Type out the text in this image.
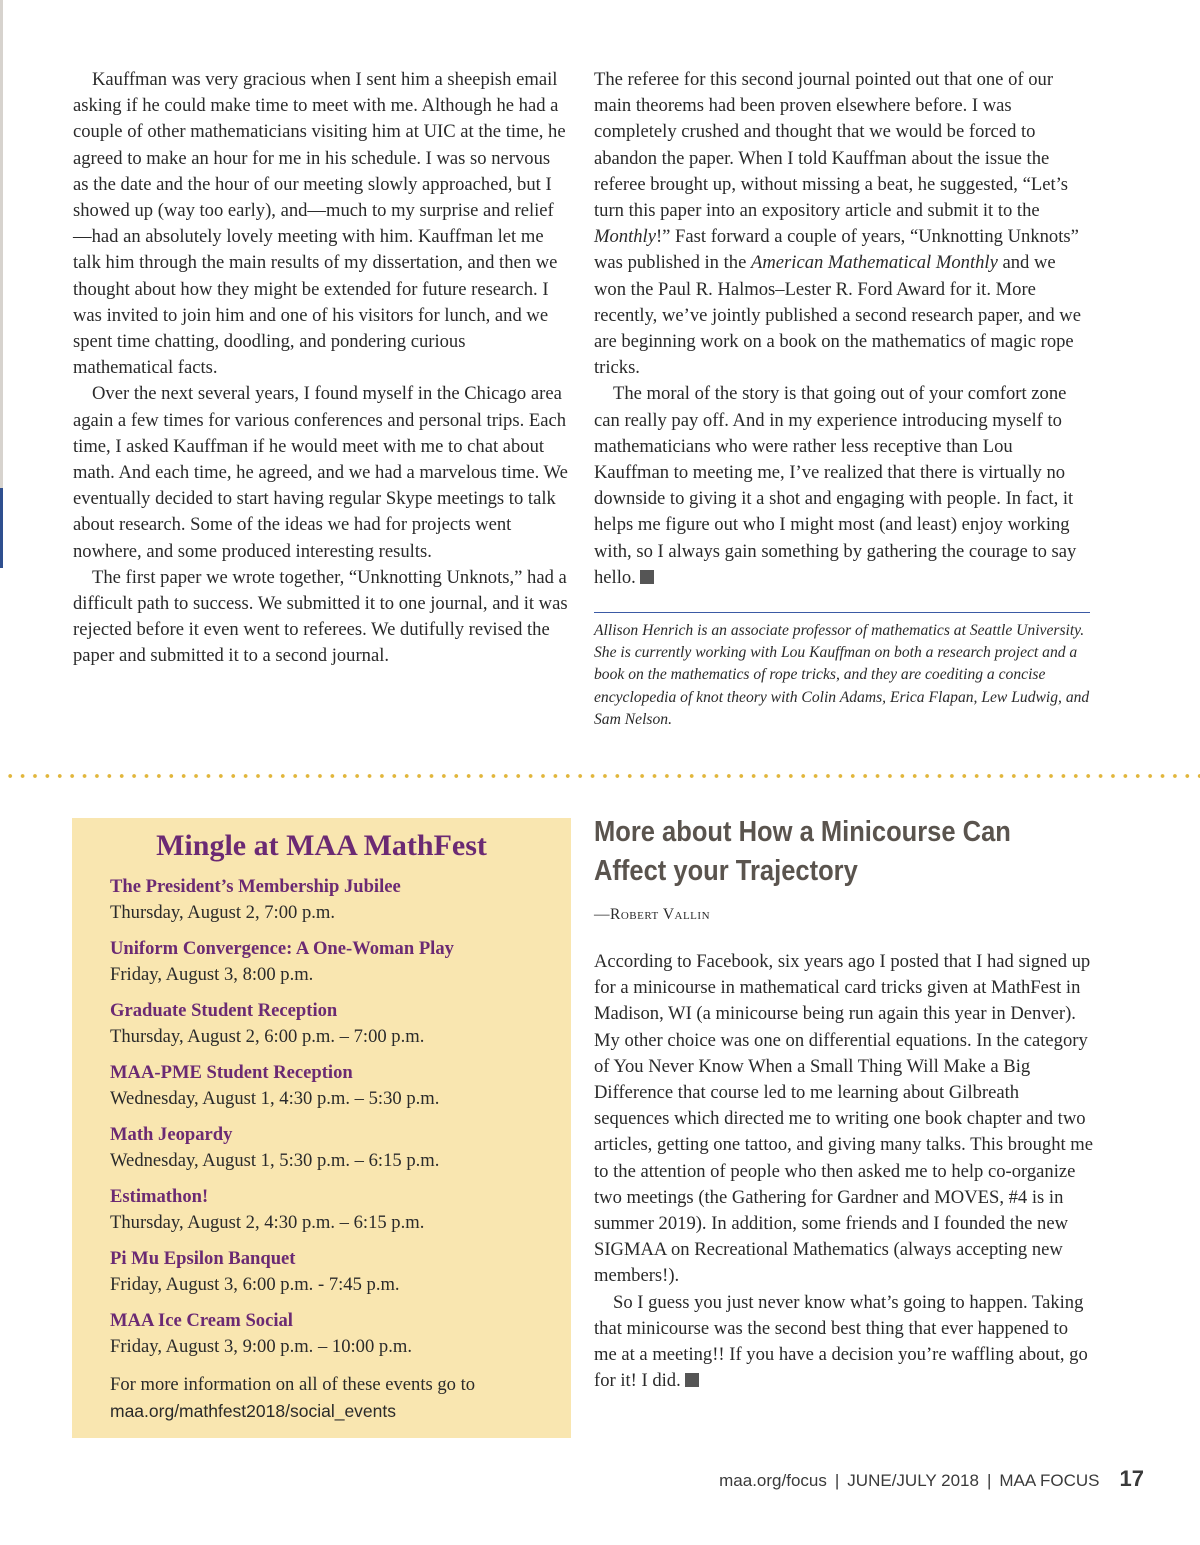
Kauffman was very gracious when I sent him a sheepish email asking if he could make time to meet with me. Although he had a couple of other mathematicians visiting him at UIC at the time, he agreed to make an hour for me in his schedule. I was so nervous as the date and the hour of our meeting slowly approached, but I showed up (way too early), and—much to my surprise and relief—had an absolutely lovely meeting with him. Kauffman let me talk him through the main results of my dissertation, and then we thought about how they might be extended for future research. I was invited to join him and one of his visitors for lunch, and we spent time chatting, doodling, and pondering curious mathematical facts.

Over the next several years, I found myself in the Chicago area again a few times for various conferences and personal trips. Each time, I asked Kauffman if he would meet with me to chat about math. And each time, he agreed, and we had a marvelous time. We eventually decided to start having regular Skype meetings to talk about research. Some of the ideas we had for projects went nowhere, and some produced interesting results.

The first paper we wrote together, “Unknotting Unknots,” had a difficult path to success. We submitted it to one journal, and it was rejected before it even went to referees. We dutifully revised the paper and submitted it to a second journal.

The referee for this second journal pointed out that one of our main theorems had been proven elsewhere before. I was completely crushed and thought that we would be forced to abandon the paper. When I told Kauffman about the issue the referee brought up, without missing a beat, he suggested, “Let’s turn this paper into an expository article and submit it to the Monthly!” Fast forward a couple of years, “Unknotting Unknots” was published in the American Mathematical Monthly and we won the Paul R. Halmos–Lester R. Ford Award for it. More recently, we’ve jointly published a second research paper, and we are beginning work on a book on the mathematics of magic rope tricks.

The moral of the story is that going out of your comfort zone can really pay off. And in my experience introducing myself to mathematicians who were rather less receptive than Lou Kauffman to meeting me, I’ve realized that there is virtually no downside to giving it a shot and engaging with people. In fact, it helps me figure out who I might most (and least) enjoy working with, so I always gain something by gathering the courage to say hello.

Allison Henrich is an associate professor of mathematics at Seattle University. She is currently working with Lou Kauffman on both a research project and a book on the mathematics of rope tricks, and they are coediting a concise encyclopedia of knot theory with Colin Adams, Erica Flapan, Lew Ludwig, and Sam Nelson.
Mingle at MAA MathFest
The President’s Membership Jubilee
Thursday, August 2, 7:00 p.m.
Uniform Convergence: A One-Woman Play
Friday, August 3, 8:00 p.m.
Graduate Student Reception
Thursday, August 2, 6:00 p.m. – 7:00 p.m.
MAA-PME Student Reception
Wednesday, August 1, 4:30 p.m. – 5:30 p.m.
Math Jeopardy
Wednesday, August 1, 5:30 p.m. – 6:15 p.m.
Estimathon!
Thursday, August 2, 4:30 p.m. – 6:15 p.m.
Pi Mu Epsilon Banquet
Friday, August 3, 6:00 p.m. - 7:45 p.m.
MAA Ice Cream Social
Friday, August 3, 9:00 p.m. – 10:00 p.m.
For more information on all of these events go to
maa.org/mathfest2018/social_events
More about How a Minicourse Can Affect your Trajectory
—Robert Vallin

According to Facebook, six years ago I posted that I had signed up for a minicourse in mathematical card tricks given at MathFest in Madison, WI (a minicourse being run again this year in Denver). My other choice was one on differential equations. In the category of You Never Know When a Small Thing Will Make a Big Difference that course led to me learning about Gilbreath sequences which directed me to writing one book chapter and two articles, getting one tattoo, and giving many talks. This brought me to the attention of people who then asked me to help co-organize two meetings (the Gathering for Gardner and MOVES, #4 is in summer 2019). In addition, some friends and I founded the new SIGMAA on Recreational Mathematics (always accepting new members!).

So I guess you just never know what’s going to happen. Taking that minicourse was the second best thing that ever happened to me at a meeting!! If you have a decision you’re waffling about, go for it! I did.

maa.org/focus | JUNE/JULY 2018 | MAA FOCUS 17
